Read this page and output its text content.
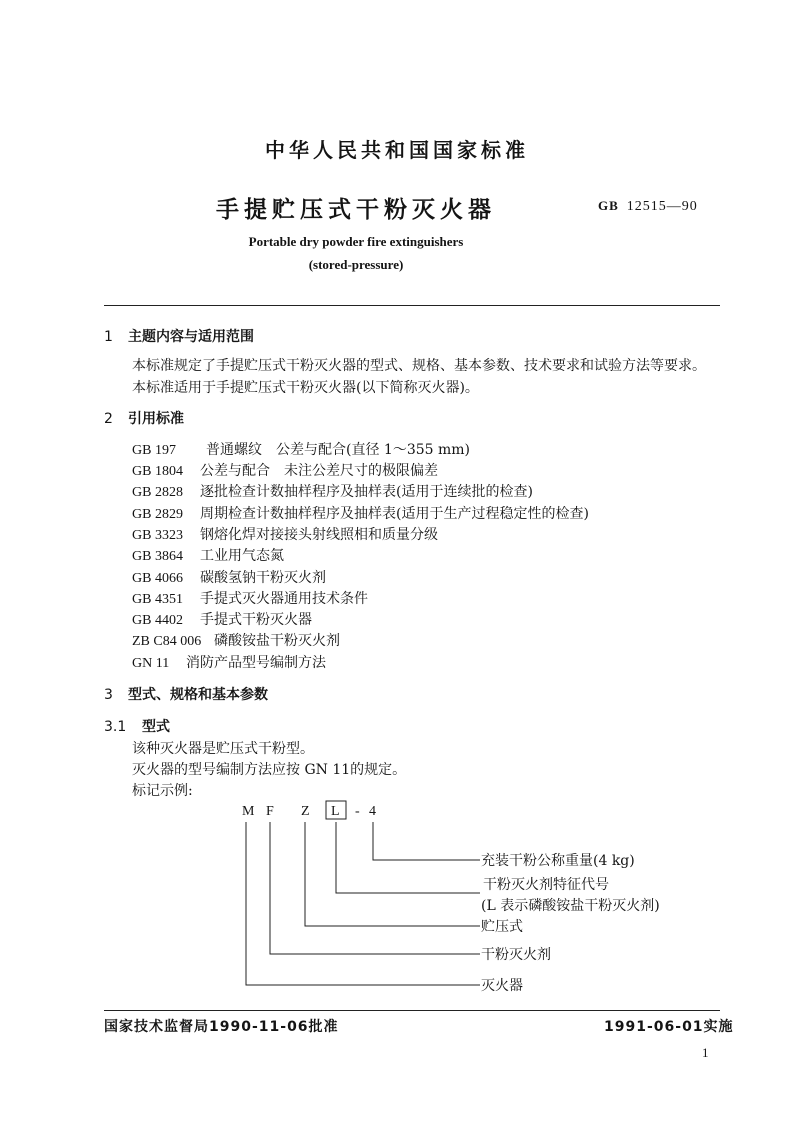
中华人民共和国国家标准
手提贮压式干粉灭火器	GB 12515—90
Portable dry powder fire extinguishers
(stored-pressure)
1 主题内容与适用范围
本标准规定了手提贮压式干粉灭火器的型式、规格、基本参数、技术要求和试验方法等要求。
本标准适用于手提贮压式干粉灭火器(以下简称灭火器)。
2 引用标准
GB 197 普通螺纹　公差与配合(直径 1～355 mm)
GB 1804 公差与配合　未注公差尺寸的极限偏差
GB 2828 逐批检查计数抽样程序及抽样表(适用于连续批的检查)
GB 2829 周期检查计数抽样程序及抽样表(适用于生产过程稳定性的检查)
GB 3323 钢熔化焊对接接头射线照相和质量分级
GB 3864 工业用气态氮
GB 4066 碳酸氢钠干粉灭火剂
GB 4351 手提式灭火器通用技术条件
GB 4402 手提式干粉灭火器
ZB C84 006 磷酸铵盐干粉灭火剂
GN 11 消防产品型号编制方法
3 型式、规格和基本参数
3.1 型式
该种灭火器是贮压式干粉型。
灭火器的型号编制方法应按 GN 11的规定。
标记示例:
M F Z L - 4
充装干粉公称重量(4 kg)
干粉灭火剂特征代号
(L 表示磷酸铵盐干粉灭火剂)
贮压式
干粉灭火剂
灭火器
国家技术监督局1990-11-06批准	1991-06-01实施
1
